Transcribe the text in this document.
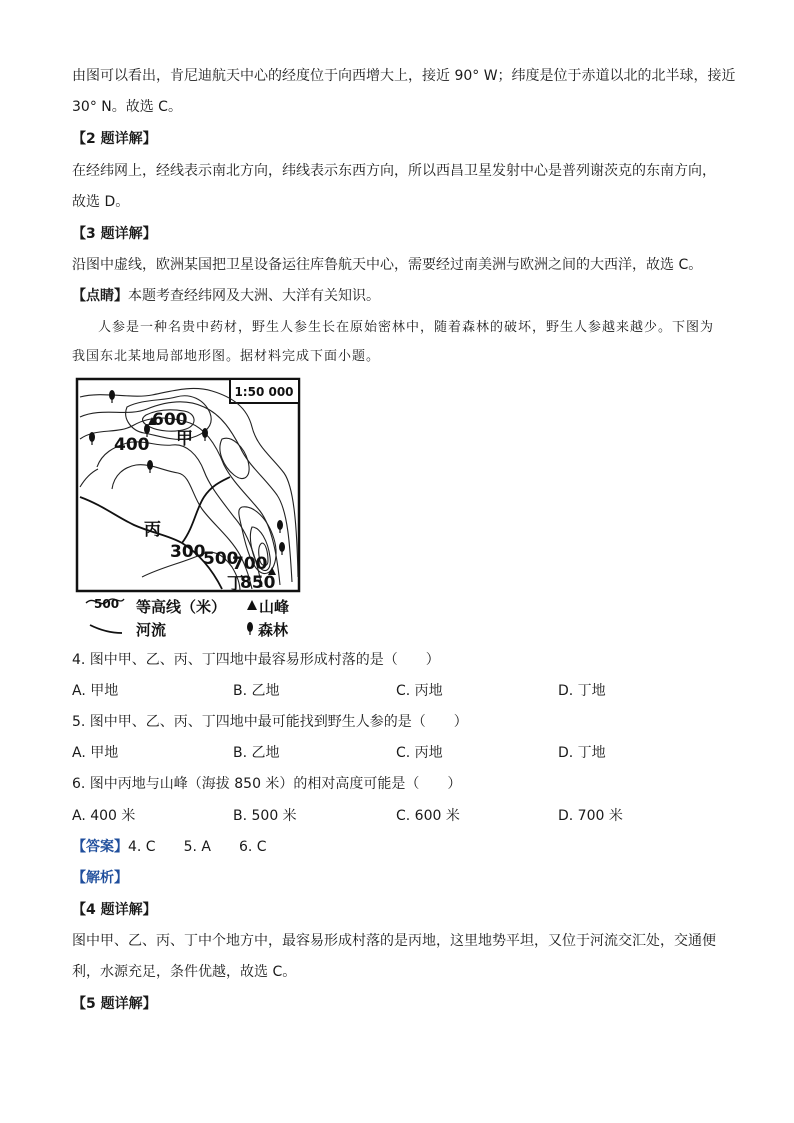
由图可以看出，肯尼迪航天中心的经度位于向西增大上，接近 90° W；纬度是位于赤道以北的北半球，接近
30° N。故选 C。
【2 题详解】
在经纬网上，经线表示南北方向，纬线表示东西方向，所以西昌卫星发射中心是普列谢茨克的东南方向，
故选 D。
【3 题详解】
沿图中虚线，欧洲某国把卫星设备运往库鲁航天中心，需要经过南美洲与欧洲之间的大西洋，故选 C。
【点睛】本题考查经纬网及大洲、大洋有关知识。
人参是一种名贵中药材，野生人参生长在原始密林中，随着森林的破坏，野生人参越来越少。下图为
我国东北某地局部地形图。据材料完成下面小题。
1:50 000
600
400
300
500
700
850
甲
丙
丁
500 等高线（米） 山峰
河流	森林
4. 图中甲、乙、丙、丁四地中最容易形成村落的是（　　）
A. 甲地	B. 乙地	C. 丙地	D. 丁地
5. 图中甲、乙、丙、丁四地中最可能找到野生人参的是（　　）
A. 甲地	B. 乙地	C. 丙地	D. 丁地
6. 图中丙地与山峰（海拔 850 米）的相对高度可能是（　　）
A. 400 米	B. 500 米	C. 600 米	D. 700 米
【答案】4. C　　5. A　　6. C
【解析】
【4 题详解】
图中甲、乙、丙、丁中个地方中，最容易形成村落的是丙地，这里地势平坦，又位于河流交汇处，交通便
利，水源充足，条件优越，故选 C。
【5 题详解】
